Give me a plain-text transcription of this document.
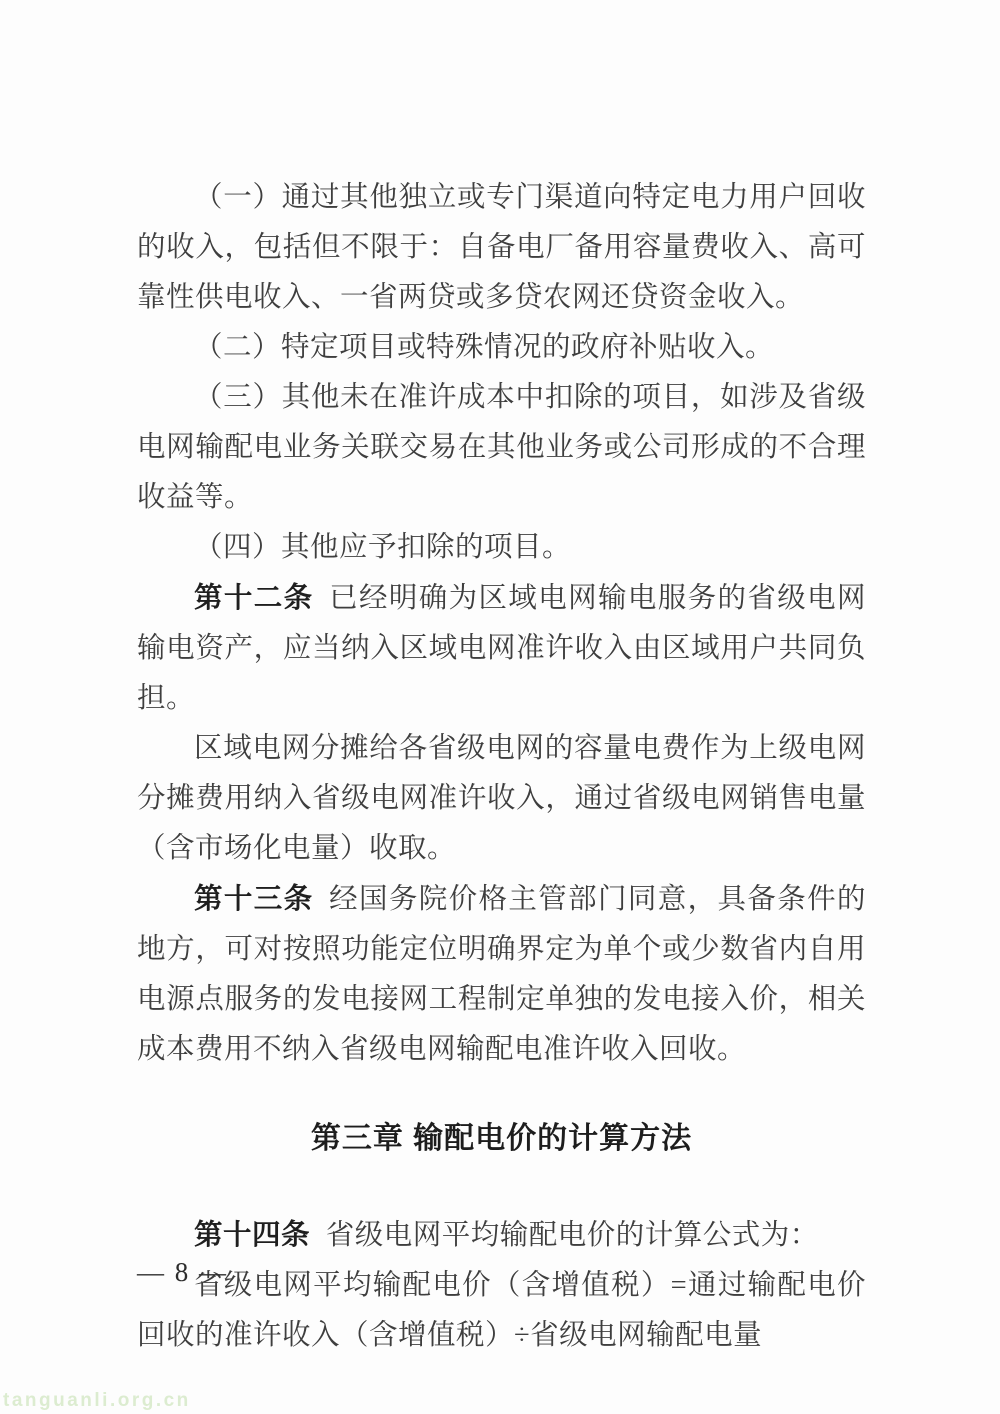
（一）通过其他独立或专门渠道向特定电力用户回收的收入，包括但不限于：自备电厂备用容量费收入、高可靠性供电收入、一省两贷或多贷农网还贷资金收入。

（二）特定项目或特殊情况的政府补贴收入。

（三）其他未在准许成本中扣除的项目，如涉及省级电网输配电业务关联交易在其他业务或公司形成的不合理收益等。

（四）其他应予扣除的项目。

第十二条 已经明确为区域电网输电服务的省级电网输电资产，应当纳入区域电网准许收入由区域用户共同负担。

区域电网分摊给各省级电网的容量电费作为上级电网分摊费用纳入省级电网准许收入，通过省级电网销售电量（含市场化电量）收取。

第十三条 经国务院价格主管部门同意，具备条件的地方，可对按照功能定位明确界定为单个或少数省内自用电源点服务的发电接网工程制定单独的发电接入价，相关成本费用不纳入省级电网输配电准许收入回收。

第三章 输配电价的计算方法

第十四条 省级电网平均输配电价的计算公式为：

省级电网平均输配电价（含增值税）=通过输配电价回收的准许收入（含增值税）÷省级电网输配电量

— 8 —
tanguanli.org.cn
